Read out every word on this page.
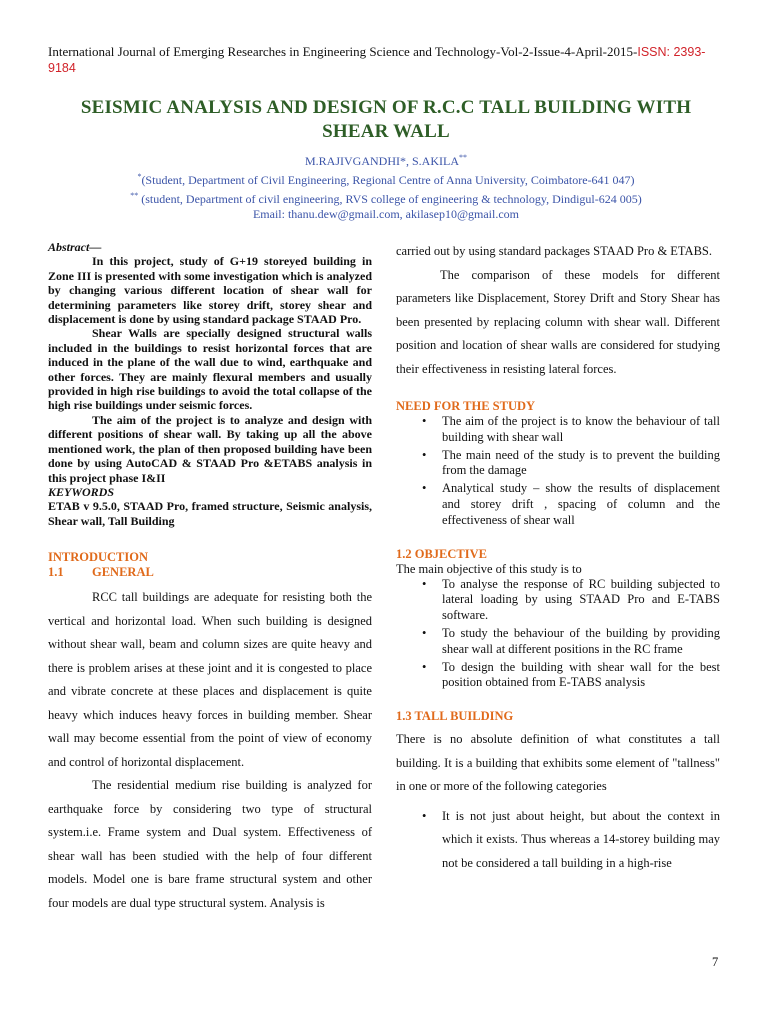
International Journal of Emerging Researches in Engineering Science and Technology-Vol-2-Issue-4-April-2015-ISSN: 2393-9184
SEISMIC ANALYSIS AND DESIGN OF R.C.C TALL BUILDING WITH SHEAR WALL
M.RAJIVGANDHI*, S.AKILA**
*(Student, Department of Civil Engineering, Regional Centre of Anna University, Coimbatore-641 047)
** (student, Department of civil engineering, RVS college of engineering & technology, Dindigul-624 005)
Email: thanu.dew@gmail.com, akilasep10@gmail.com

Abstract—

In this project, study of G+19 storeyed building in Zone III is presented with some investigation which is analyzed by changing various different location of shear wall for determining parameters like storey drift, storey shear and displacement is done by using standard package STAAD Pro.

Shear Walls are specially designed structural walls included in the buildings to resist horizontal forces that are induced in the plane of the wall due to wind, earthquake and other forces. They are mainly flexural members and usually provided in high rise buildings to avoid the total collapse of the high rise buildings under seismic forces.

The aim of the project is to analyze and design with different positions of shear wall. By taking up all the above mentioned work, the plan of then proposed building have been done by using AutoCAD & STAAD Pro &ETABS analysis in this project phase I&II

KEYWORDS

ETAB v 9.5.0, STAAD Pro, framed structure, Seismic analysis, Shear wall, Tall Building

INTRODUCTION
1.1	GENERAL

RCC tall buildings are adequate for resisting both the vertical and horizontal load. When such building is designed without shear wall, beam and column sizes are quite heavy and there is problem arises at these joint and it is congested to place and vibrate concrete at these places and displacement is quite heavy which induces heavy forces in building member. Shear wall may become essential from the point of view of economy and control of horizontal displacement.

The residential medium rise building is analyzed for earthquake force by considering two type of structural system.i.e. Frame system and Dual system. Effectiveness of shear wall has been studied with the help of four different models. Model one is bare frame structural system and other four models are dual type structural system. Analysis is

carried out by using standard packages STAAD Pro & ETABS.

The comparison of these models for different parameters like Displacement, Storey Drift and Story Shear has been presented by replacing column with shear wall. Different position and location of shear walls are considered for studying their effectiveness in resisting lateral forces.

NEED FOR THE STUDY
• The aim of the project is to know the behaviour of tall building with shear wall
• The main need of the study is to prevent the building from the damage
• Analytical study – show the results of displacement and storey drift , spacing of column and the effectiveness of shear wall
1.2 OBJECTIVE
The main objective of this study is to
• To analyse the response of RC building subjected to lateral loading by using STAAD Pro and E-TABS software.
• To study the behaviour of the building by providing shear wall at different positions in the RC frame
• To design the building with shear wall for the best position obtained from E-TABS analysis
1.3 TALL BUILDING

There is no absolute definition of what constitutes a tall building. It is a building that exhibits some element of "tallness" in one or more of the following categories

• It is not just about height, but about the context in which it exists. Thus whereas a 14-storey building may not be considered a tall building in a high-rise
7
